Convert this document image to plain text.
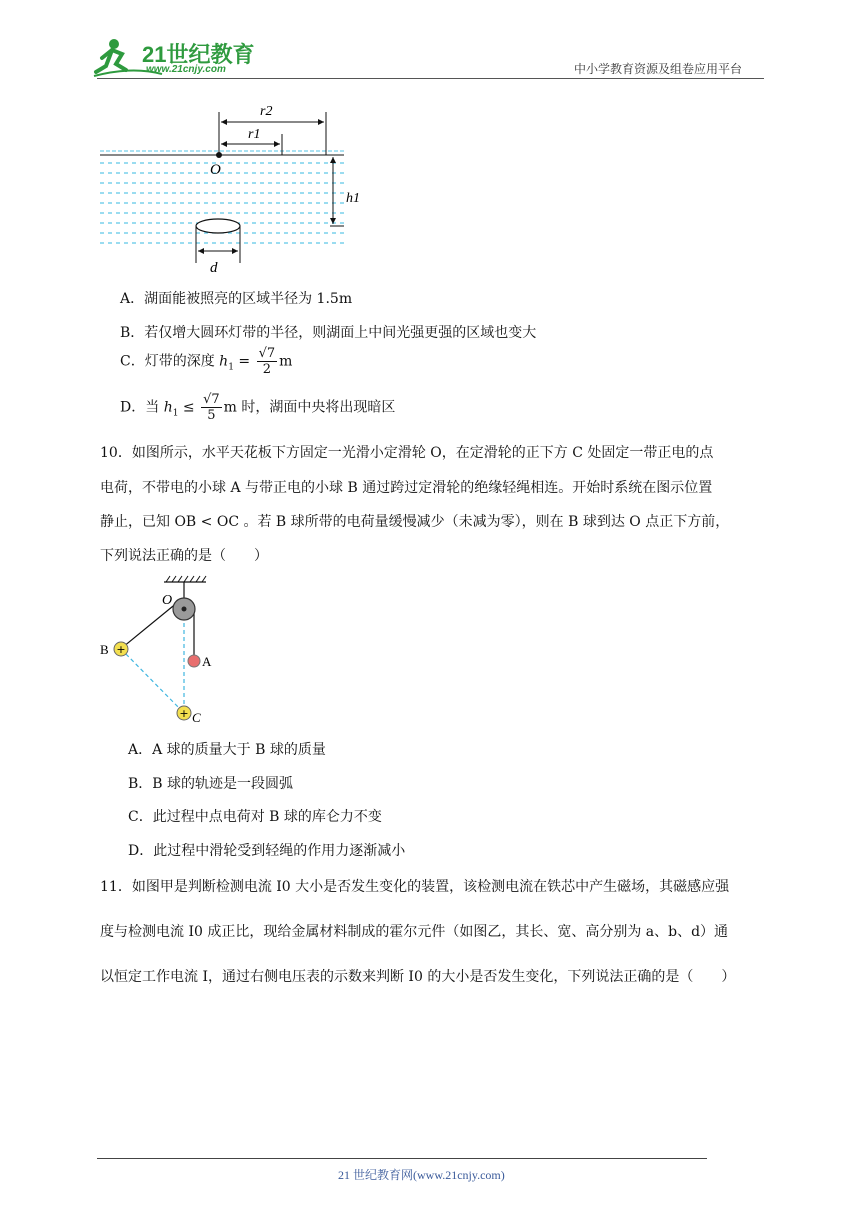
21世纪教育
www.21cnjy.com	中小学教育资源及组卷应用平台
r2
r1
O
h1
d
A．湖面能被照亮的区域半径为 1.5m
B．若仅增大圆环灯带的半径，则湖面上中间光强更强的区域也变大
C．灯带的深度 $h_1 = \frac{√7}{2}$ m
D．当 $h_1 \le \frac{√7}{5}$ m 时，湖面中央将出现暗区
10．如图所示，水平天花板下方固定一光滑小定滑轮 O，在定滑轮的正下方 C 处固定一带正电的点
电荷，不带电的小球 A 与带正电的小球 B 通过跨过定滑轮的绝缘轻绳相连。开始时系统在图示位置
静止，已知 OB < OC 。若 B 球所带的电荷量缓慢减少（未减为零），则在 B 球到达 O 点正下方前，
下列说法正确的是（　　）
+
+
O
B
A
C
A．A 球的质量大于 B 球的质量
B．B 球的轨迹是一段圆弧
C．此过程中点电荷对 B 球的库仑力不变
D．此过程中滑轮受到轻绳的作用力逐渐减小
11．如图甲是判断检测电流 I0 大小是否发生变化的装置，该检测电流在铁芯中产生磁场，其磁感应强
度与检测电流 I0 成正比，现给金属材料制成的霍尔元件（如图乙，其长、宽、高分别为 a、b、d）通
以恒定工作电流 I，通过右侧电压表的示数来判断 I0 的大小是否发生变化，下列说法正确的是（　　）
21 世纪教育网(www.21cnjy.com)
